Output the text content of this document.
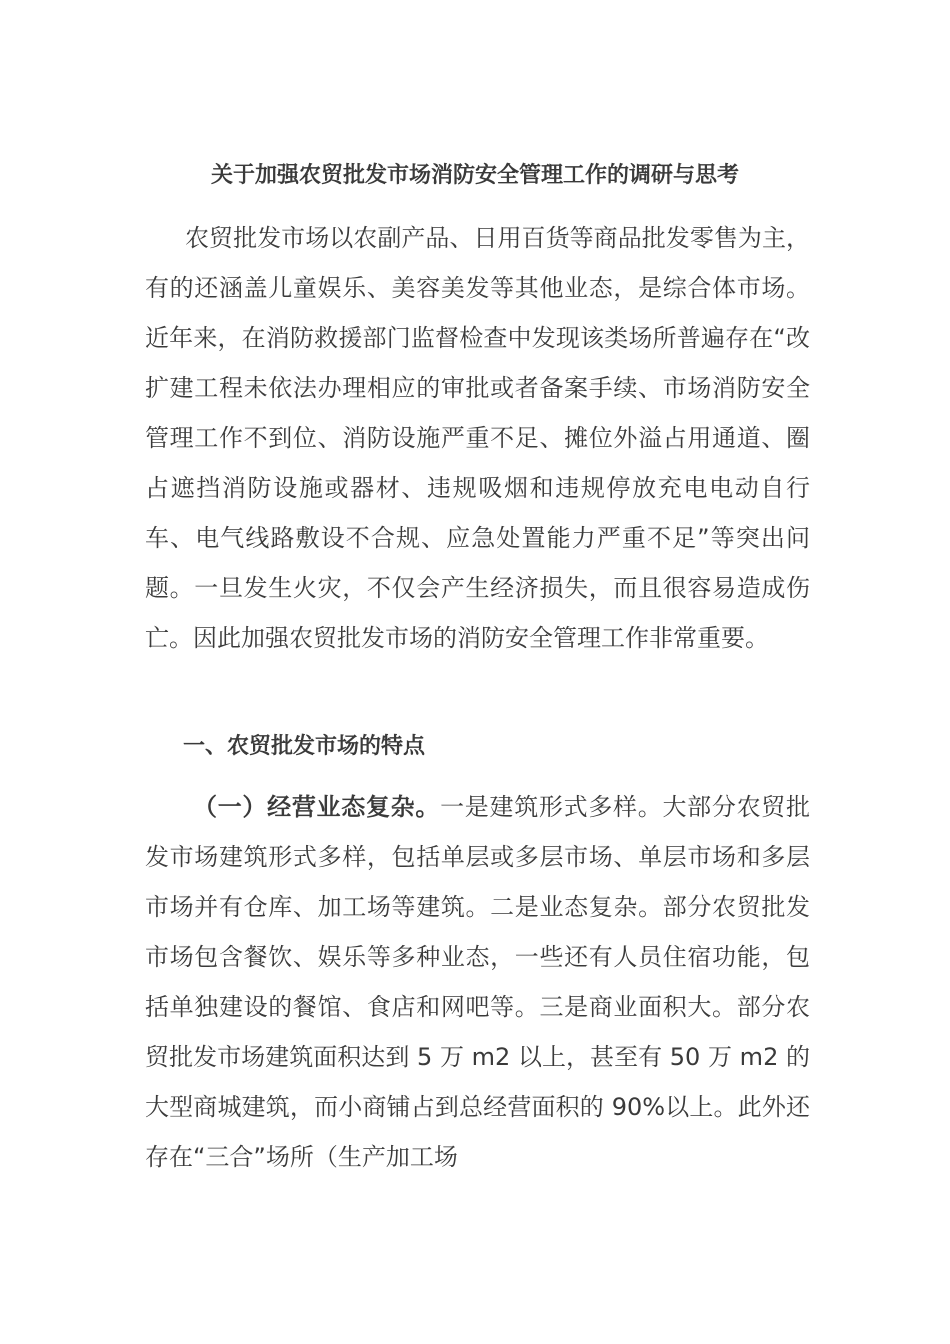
关于加强农贸批发市场消防安全管理工作的调研与思考
农贸批发市场以农副产品、日用百货等商品批发零售为主，有的还涵盖儿童娱乐、美容美发等其他业态，是综合体市场。近年来，在消防救援部门监督检查中发现该类场所普遍存在“改扩建工程未依法办理相应的审批或者备案手续、市场消防安全管理工作不到位、消防设施严重不足、摊位外溢占用通道、圈占遮挡消防设施或器材、违规吸烟和违规停放充电电动自行车、电气线路敷设不合规、应急处置能力严重不足”等突出问题。一旦发生火灾，不仅会产生经济损失，而且很容易造成伤亡。因此加强农贸批发市场的消防安全管理工作非常重要。
一、农贸批发市场的特点
（一）经营业态复杂。一是建筑形式多样。大部分农贸批发市场建筑形式多样，包括单层或多层市场、单层市场和多层市场并有仓库、加工场等建筑。二是业态复杂。部分农贸批发市场包含餐饮、娱乐等多种业态，一些还有人员住宿功能，包括单独建设的餐馆、食店和网吧等。三是商业面积大。部分农贸批发市场建筑面积达到 5 万 m2 以上，甚至有 50 万 m2 的大型商城建筑，而小商铺占到总经营面积的 90%以上。此外还存在“三合”场所（生产加工场
